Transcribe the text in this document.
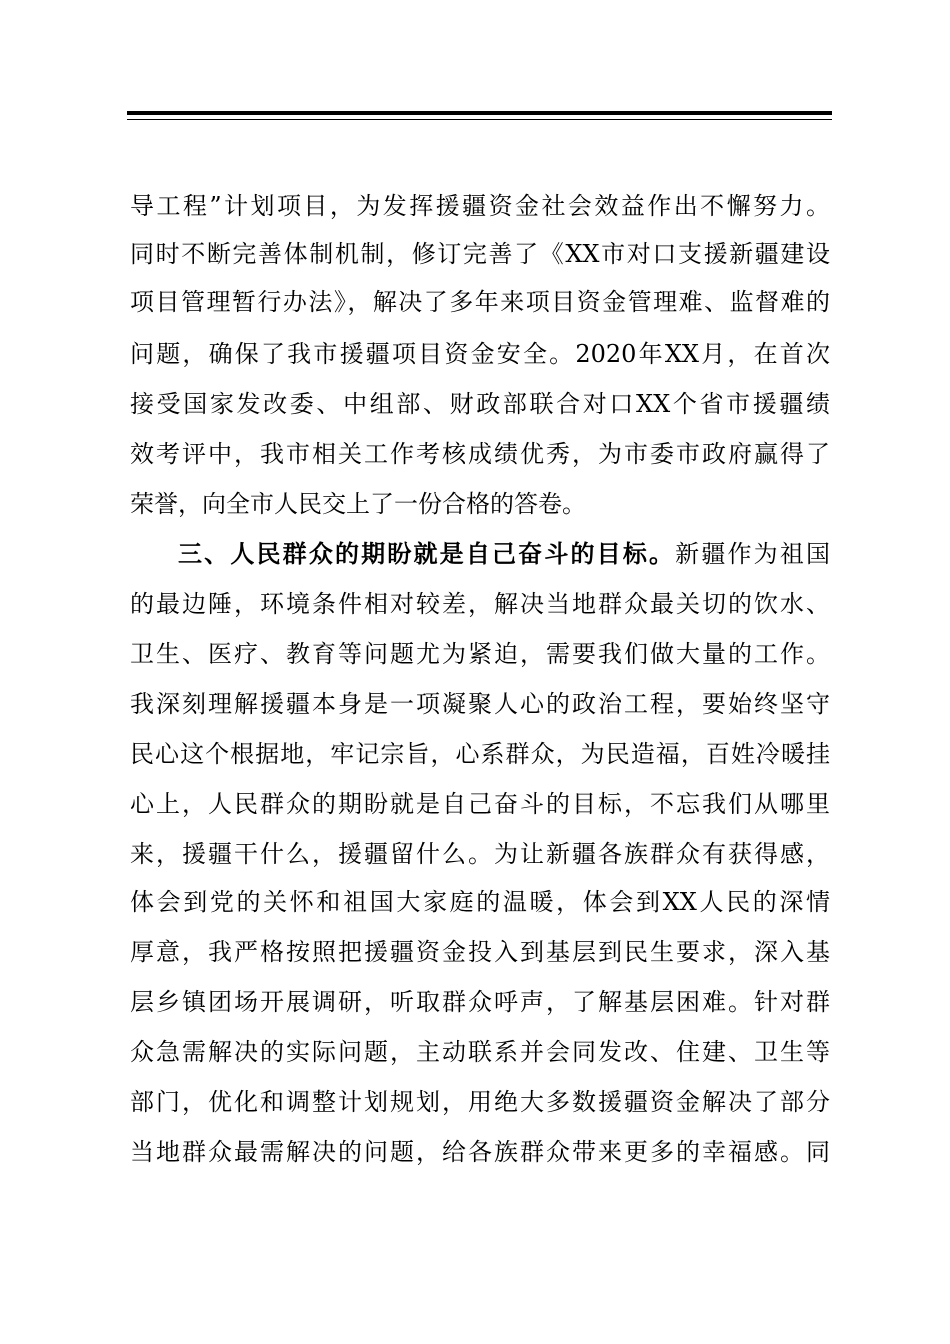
导工程”计划项目，为发挥援疆资金社会效益作出不懈努力。
同时不断完善体制机制，修订完善了《XX市对口支援新疆建设
项目管理暂行办法》，解决了多年来项目资金管理难、监督难的
问题，确保了我市援疆项目资金安全。2020年XX月，在首次
接受国家发改委、中组部、财政部联合对口XX个省市援疆绩
效考评中，我市相关工作考核成绩优秀，为市委市政府赢得了
荣誉，向全市人民交上了一份合格的答卷。
三、人民群众的期盼就是自己奋斗的目标。新疆作为祖国
的最边陲，环境条件相对较差，解决当地群众最关切的饮水、
卫生、医疗、教育等问题尤为紧迫，需要我们做大量的工作。
我深刻理解援疆本身是一项凝聚人心的政治工程，要始终坚守
民心这个根据地，牢记宗旨，心系群众，为民造福，百姓冷暖挂
心上，人民群众的期盼就是自己奋斗的目标，不忘我们从哪里
来，援疆干什么，援疆留什么。为让新疆各族群众有获得感，
体会到党的关怀和祖国大家庭的温暖，体会到XX人民的深情
厚意，我严格按照把援疆资金投入到基层到民生要求，深入基
层乡镇团场开展调研，听取群众呼声，了解基层困难。针对群
众急需解决的实际问题，主动联系并会同发改、住建、卫生等
部门，优化和调整计划规划，用绝大多数援疆资金解决了部分
当地群众最需解决的问题，给各族群众带来更多的幸福感。同
